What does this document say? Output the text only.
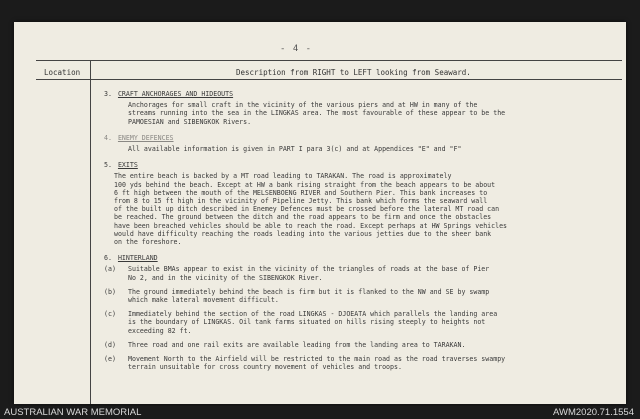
- 4 -
Location	Description from RIGHT to LEFT looking from Seaward.
3. CRAFT ANCHORAGES AND HIDEOUTS
Anchorages for small craft in the vicinity of the various piers and at HW in many of the
streams running into the sea in the LINGKAS area. The most favourable of these appear to be the
PAMOESIAN and SIBENGKOK Rivers.
4. ENEMY DEFENCES
All available information is given in PART I para 3(c) and at Appendices "E" and "F"
5. EXITS
The entire beach is backed by a MT road leading to TARAKAN. The road is approximately
100 yds behind the beach. Except at HW a bank rising straight from the beach appears to be about
6 ft high between the mouth of the MELSENBOENG RIVER and Southern Pier. This bank increases to
from 8 to 15 ft high in the vicinity of Pipeline Jetty. This bank which forms the seaward wall
of the built up ditch described in Enemey Defences must be crossed before the lateral MT road can
be reached. The ground between the ditch and the road appears to be firm and once the obstacles
have been breached vehicles should be able to reach the road. Except perhaps at HW Springs vehicles
would have difficulty reaching the roads leading into the various jetties due to the sheer bank
on the foreshore.
6. HINTERLAND
(a)	Suitable BMAs appear to exist in the vicinity of the triangles of roads at the base of Pier
No 2, and in the vicinity of the SIBENGKOK River.
(b)	The ground immediately behind the beach is firm but it is flanked to the NW and SE by swamp
which make lateral movement difficult.
(c)	Immediately behind the section of the road LINGKAS - DJOEATA which parallels the landing area
is the boundary of LINGKAS. Oil tank farms situated on hills rising steeply to heights not
exceeding 82 ft.
(d)	Three road and one rail exits are available leading from the landing area to TARAKAN.
(e)	Movement North to the Airfield will be restricted to the main road as the road traverses swampy
terrain unsuitable for cross country movement of vehicles and troops.
AUSTRALIAN WAR MEMORIAL	AWM2020.71.1554
